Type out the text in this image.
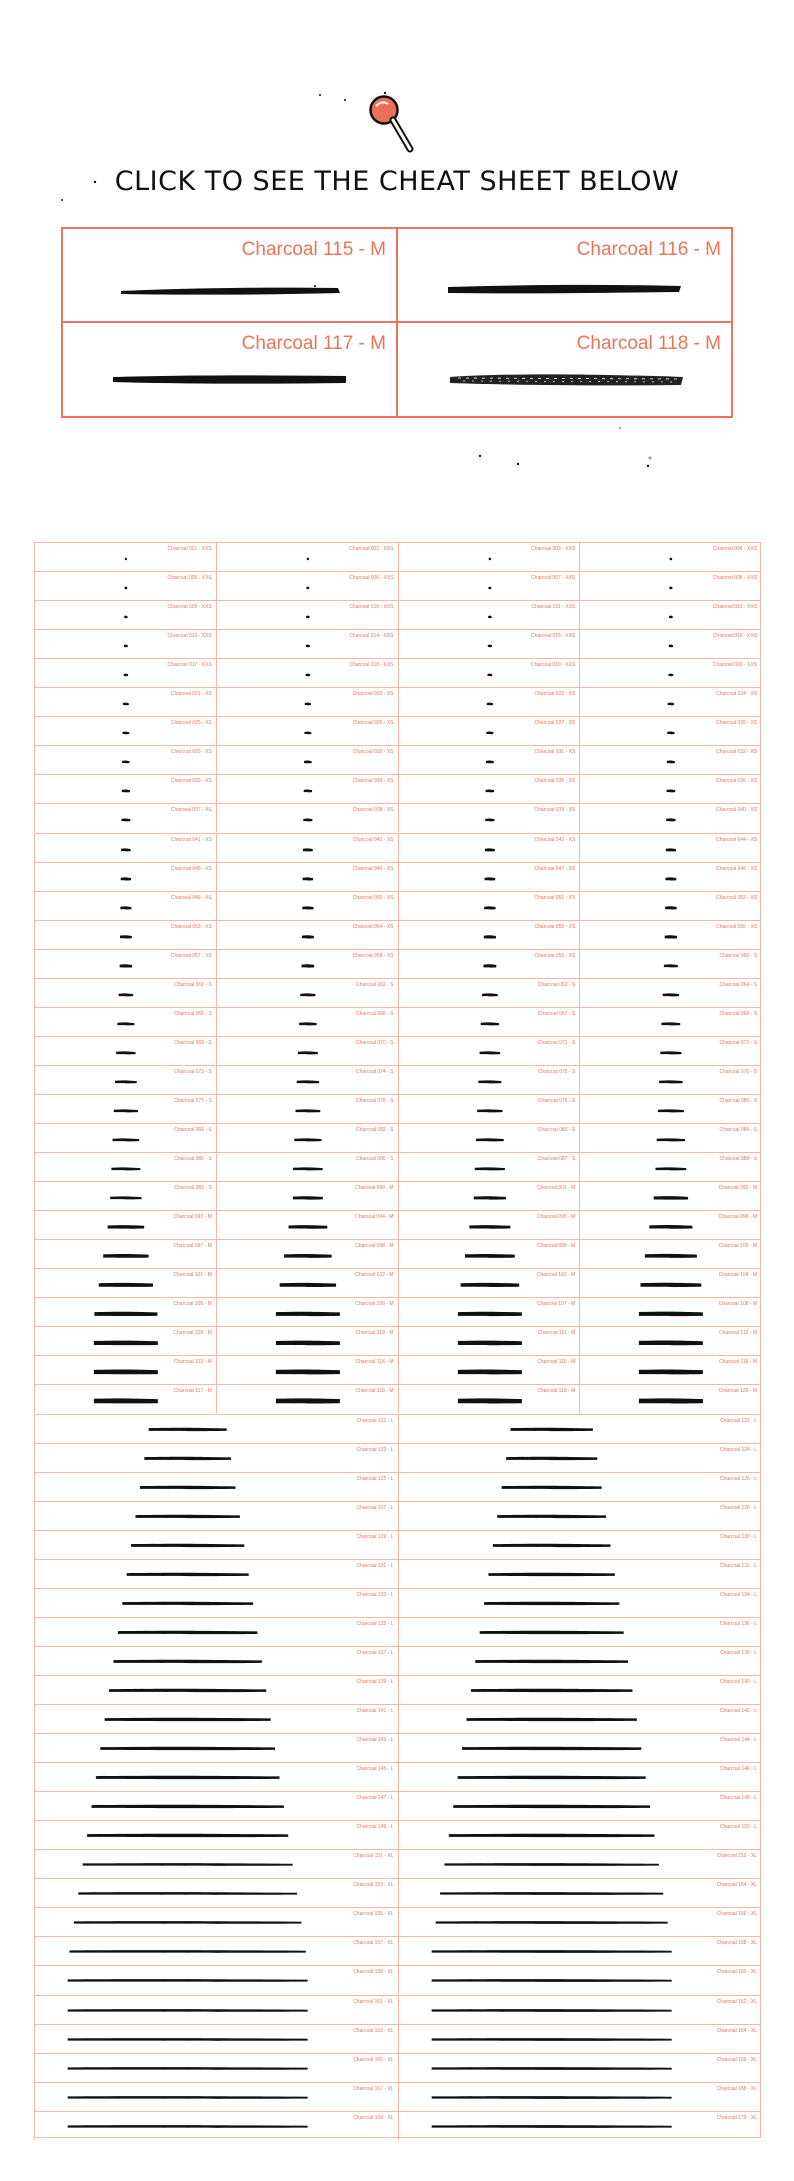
CLICK TO SEE THE CHEAT SHEET BELOW
Charcoal 115 - M	Charcoal 116 - M
Charcoal 117 - M	Charcoal 118 - M
Charcoal 001 - XXS	Charcoal 002 - XXS	Charcoal 003 - XXS	Charcoal 004 - XXS
Charcoal 005 - XXS	Charcoal 006 - XXS	Charcoal 007 - XXS	Charcoal 008 - XXS
Charcoal 009 - XXS	Charcoal 010 - XXS	Charcoal 011 - XXS	Charcoal 012 - XXS
Charcoal 013 - XXS	Charcoal 014 - XXS	Charcoal 015 - XXS	Charcoal 016 - XXS
Charcoal 017 - XXS	Charcoal 018 - XXS	Charcoal 019 - XXS	Charcoal 020 - XXS
Charcoal 021 - XS	Charcoal 022 - XS	Charcoal 023 - XS	Charcoal 024 - XS
Charcoal 025 - XS	Charcoal 026 - XS	Charcoal 027 - XS	Charcoal 028 - XS
Charcoal 029 - XS	Charcoal 030 - XS	Charcoal 031 - XS	Charcoal 032 - XS
Charcoal 033 - XS	Charcoal 034 - XS	Charcoal 035 - XS	Charcoal 036 - XS
Charcoal 037 - XS	Charcoal 038 - XS	Charcoal 039 - XS	Charcoal 040 - XS
Charcoal 041 - XS	Charcoal 042 - XS	Charcoal 043 - XS	Charcoal 044 - XS
Charcoal 045 - XS	Charcoal 046 - XS	Charcoal 047 - XS	Charcoal 048 - XS
Charcoal 049 - XS	Charcoal 050 - XS	Charcoal 051 - XS	Charcoal 052 - XS
Charcoal 053 - XS	Charcoal 054 - XS	Charcoal 055 - XS	Charcoal 056 - XS
Charcoal 057 - XS	Charcoal 058 - XS	Charcoal 059 - XS	Charcoal 060 - S
Charcoal 061 - S	Charcoal 062 - S	Charcoal 063 - S	Charcoal 064 - S
Charcoal 065 - S	Charcoal 066 - S	Charcoal 067 - S	Charcoal 068 - S
Charcoal 069 - S	Charcoal 070 - S	Charcoal 071 - S	Charcoal 072 - S
Charcoal 073 - S	Charcoal 074 - S	Charcoal 075 - S	Charcoal 076 - S
Charcoal 077 - S	Charcoal 078 - S	Charcoal 079 - S	Charcoal 080 - S
Charcoal 081 - S	Charcoal 082 - S	Charcoal 083 - S	Charcoal 084 - S
Charcoal 085 - S	Charcoal 086 - S	Charcoal 087 - S	Charcoal 088 - S
Charcoal 089 - S	Charcoal 090 - M	Charcoal 091 - M	Charcoal 092 - M
Charcoal 093 - M	Charcoal 094 - M	Charcoal 095 - M	Charcoal 096 - M
Charcoal 097 - M	Charcoal 098 - M	Charcoal 099 - M	Charcoal 100 - M
Charcoal 101 - M	Charcoal 102 - M	Charcoal 103 - M	Charcoal 104 - M
Charcoal 105 - M	Charcoal 106 - M	Charcoal 107 - M	Charcoal 108 - M
Charcoal 109 - M	Charcoal 110 - M	Charcoal 111 - M	Charcoal 112 - M
Charcoal 113 - M	Charcoal 114 - M	Charcoal 115 - M	Charcoal 116 - M
Charcoal 117 - M	Charcoal 118 - M	Charcoal 119 - M	Charcoal 120 - M
Charcoal 121 - L	Charcoal 122 - L
Charcoal 123 - L	Charcoal 124 - L
Charcoal 125 - L	Charcoal 126 - L
Charcoal 127 - L	Charcoal 128 - L
Charcoal 129 - L	Charcoal 130 - L
Charcoal 131 - L	Charcoal 132 - L
Charcoal 133 - L	Charcoal 134 - L
Charcoal 135 - L	Charcoal 136 - L
Charcoal 137 - L	Charcoal 138 - L
Charcoal 139 - L	Charcoal 140 - L
Charcoal 141 - L	Charcoal 142 - L
Charcoal 143 - L	Charcoal 144 - L
Charcoal 145 - L	Charcoal 146 - L
Charcoal 147 - L	Charcoal 148 - L
Charcoal 149 - L	Charcoal 150 - L
Charcoal 151 - XL	Charcoal 152 - XL
Charcoal 153 - XL	Charcoal 154 - XL
Charcoal 155 - XL	Charcoal 156 - XL
Charcoal 157 - XL	Charcoal 158 - XL
Charcoal 159 - XL	Charcoal 160 - XL
Charcoal 161 - XL	Charcoal 162 - XL
Charcoal 163 - XL	Charcoal 164 - XL
Charcoal 165 - XL	Charcoal 166 - XL
Charcoal 167 - XL	Charcoal 168 - XL
Charcoal 169 - XL	Charcoal 170 - XL
